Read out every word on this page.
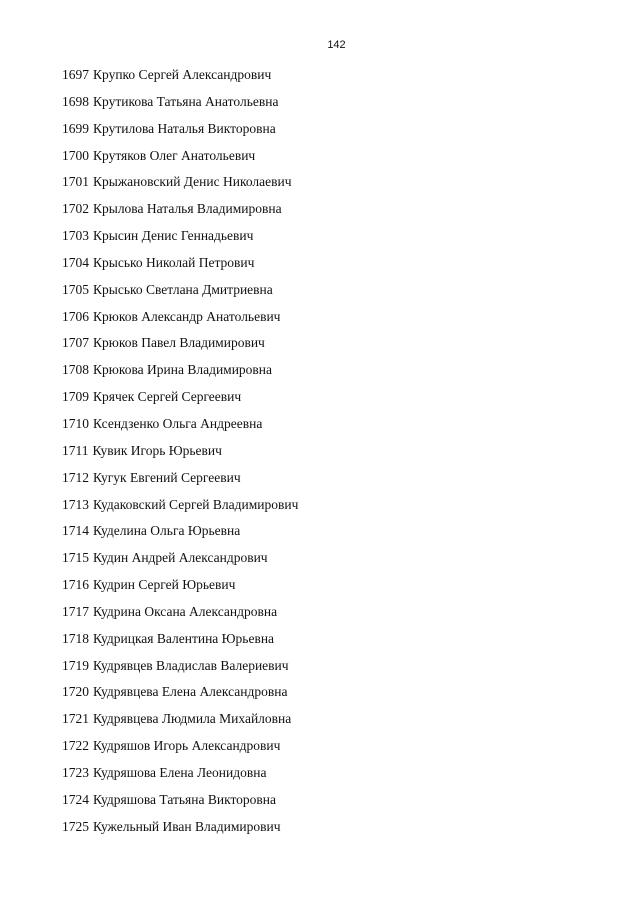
142
1697 Крупко Сергей Александрович
1698 Крутикова Татьяна Анатольевна
1699 Крутилова Наталья Викторовна
1700 Крутяков Олег Анатольевич
1701 Крыжановский Денис Николаевич
1702 Крылова Наталья Владимировна
1703 Крысин Денис Геннадьевич
1704 Крысько Николай Петрович
1705 Крысько Светлана Дмитриевна
1706 Крюков Александр Анатольевич
1707 Крюков Павел Владимирович
1708 Крюкова Ирина Владимировна
1709 Крячек Сергей Сергеевич
1710 Ксендзенко Ольга Андреевна
1711 Кувик Игорь Юрьевич
1712 Кугук Евгений Сергеевич
1713 Кудаковский Сергей Владимирович
1714 Куделина Ольга Юрьевна
1715 Кудин Андрей Александрович
1716 Кудрин Сергей Юрьевич
1717 Кудрина Оксана Александровна
1718 Кудрицкая Валентина Юрьевна
1719 Кудрявцев Владислав Валериевич
1720 Кудрявцева Елена Александровна
1721 Кудрявцева Людмила Михайловна
1722 Кудряшов Игорь Александрович
1723 Кудряшова Елена Леонидовна
1724 Кудряшова Татьяна Викторовна
1725 Кужельный Иван Владимирович
